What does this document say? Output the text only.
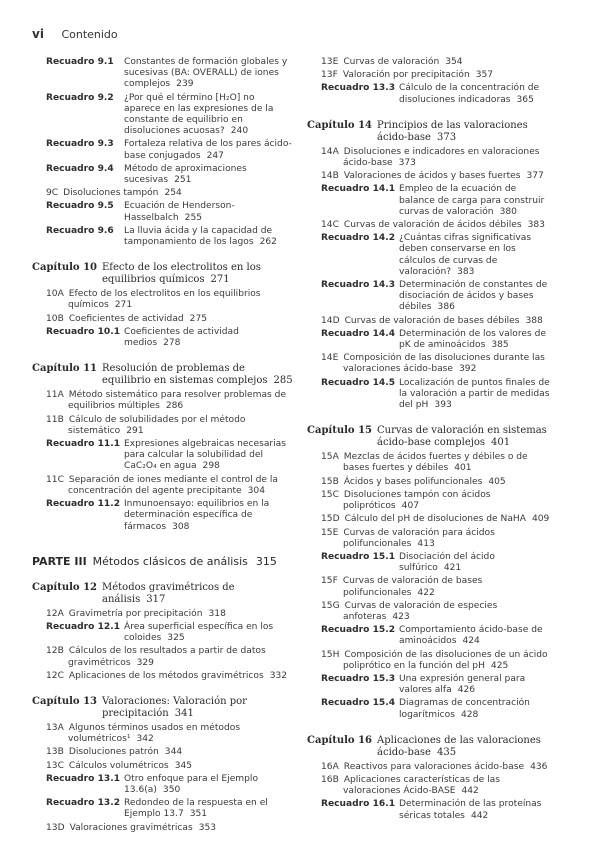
vi Contenido
Recuadro 9.1	Constantes de formación globales y sucesivas (BA: OVERALL) de iones complejos 239
Recuadro 9.2	¿Por qué el término [H₂O] no aparece en las expresiones de la constante de equilibrio en disoluciones acuosas? 240
Recuadro 9.3	Fortaleza relativa de los pares ácido-base conjugados 247
Recuadro 9.4	Método de aproximaciones sucesivas 251
9C Disoluciones tampón 254
Recuadro 9.5	Ecuación de Henderson-Hasselbalch 255
Recuadro 9.6	La lluvia ácida y la capacidad de tamponamiento de los lagos 262
Capítulo 10 Efecto de los electrolitos en los equilibrios químicos 271
10A Efecto de los electrolitos en los equilibrios químicos 271
10B Coeficientes de actividad 275
Recuadro 10.1 Coeficientes de actividad medios 278
Capítulo 11 Resolución de problemas de equilibrio en sistemas complejos 285
11A Método sistemático para resolver problemas de equilibrios múltiples 286
11B Cálculo de solubilidades por el método sistemático 291
Recuadro 11.1 Expresiones algebraicas necesarias para calcular la solubilidad del CaC₂O₄ en agua 298
11C Separación de iones mediante el control de la concentración del agente precipitante 304
Recuadro 11.2 Inmunoensayo: equilibrios en la determinación específica de fármacos 308
PARTE III Métodos clásicos de análisis 315
Capítulo 12 Métodos gravimétricos de análisis 317
12A Gravimetría por precipitación 318
Recuadro 12.1 Área superficial específica en los coloides 325
12B Cálculos de los resultados a partir de datos gravimétricos 329
12C Aplicaciones de los métodos gravimétricos 332
Capítulo 13 Valoraciones: Valoración por precipitación 341
13A Algunos términos usados en métodos volumétricos¹ 342
13B Disoluciones patrón 344
13C Cálculos volumétricos 345
Recuadro 13.1 Otro enfoque para el Ejemplo 13.6(a) 350
Recuadro 13.2 Redondeo de la respuesta en el Ejemplo 13.7 351
13D Valoraciones gravimétricas 353
13E Curvas de valoración 354
13F Valoración por precipitación 357
Recuadro 13.3 Cálculo de la concentración de disoluciones indicadoras 365
Capítulo 14 Principios de las valoraciones ácido-base 373
14A Disoluciones e indicadores en valoraciones ácido-base 373
14B Valoraciones de ácidos y bases fuertes 377
Recuadro 14.1 Empleo de la ecuación de balance de carga para construir curvas de valoración 380
14C Curvas de valoración de ácidos débiles 383
Recuadro 14.2 ¿Cuántas cifras significativas deben conservarse en los cálculos de curvas de valoración? 383
Recuadro 14.3 Determinación de constantes de disociación de ácidos y bases débiles 386
14D Curvas de valoración de bases débiles 388
Recuadro 14.4 Determinación de los valores de pK de aminoácidos 385
14E Composición de las disoluciones durante las valoraciones ácido-base 392
Recuadro 14.5 Localización de puntos finales de la valoración a partir de medidas del pH 393
Capítulo 15 Curvas de valoración en sistemas ácido-base complejos 401
15A Mezclas de ácidos fuertes y débiles o de bases fuertes y débiles 401
15B Ácidos y bases polifuncionales 405
15C Disoluciones tampón con ácidos polipróticos 407
15D Cálculo del pH de disoluciones de NaHA 409
15E Curvas de valoración para ácidos polifuncionales 413
Recuadro 15.1 Disociación del ácido sulfúrico 421
15F Curvas de valoración de bases polifuncionales 422
15G Curvas de valoración de especies anfoteras 423
Recuadro 15.2 Comportamiento ácido-base de aminoácidos 424
15H Composición de las disoluciones de un ácido poliprótico en la función del pH 425
Recuadro 15.3 Una expresión general para valores alfa 426
Recuadro 15.4 Diagramas de concentración logarítmicos 428
Capítulo 16 Aplicaciones de las valoraciones ácido-base 435
16A Reactivos para valoraciones ácido-base 436
16B Aplicaciones características de las valoraciones Ácido-BASE 442
Recuadro 16.1 Determinación de las proteínas séricas totales 442
